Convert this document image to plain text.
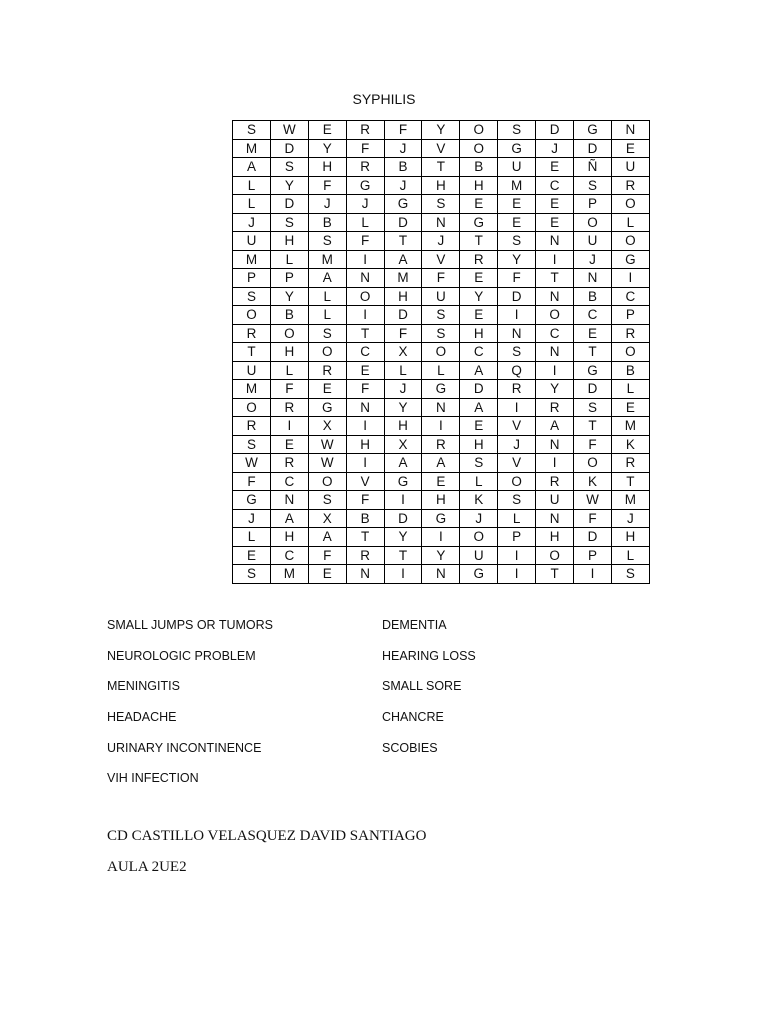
SYPHILIS
S	W	E	R	F	Y	O	S	D	G	N
M	D	Y	F	J	V	O	G	J	D	E
A	S	H	R	B	T	B	U	E	Ñ	U
L	Y	F	G	J	H	H	M	C	S	R
L	D	J	J	G	S	E	E	E	P	O
J	S	B	L	D	N	G	E	E	O	L
U	H	S	F	T	J	T	S	N	U	O
M	L	M	I	A	V	R	Y	I	J	G
P	P	A	N	M	F	E	F	T	N	I
S	Y	L	O	H	U	Y	D	N	B	C
O	B	L	I	D	S	E	I	O	C	P
R	O	S	T	F	S	H	N	C	E	R
T	H	O	C	X	O	C	S	N	T	O
U	L	R	E	L	L	A	Q	I	G	B
M	F	E	F	J	G	D	R	Y	D	L
O	R	G	N	Y	N	A	I	R	S	E
R	I	X	I	H	I	E	V	A	T	M
S	E	W	H	X	R	H	J	N	F	K
W	R	W	I	A	A	S	V	I	O	R
F	C	O	V	G	E	L	O	R	K	T
G	N	S	F	I	H	K	S	U	W	M
J	A	X	B	D	G	J	L	N	F	J
L	H	A	T	Y	I	O	P	H	D	H
E	C	F	R	T	Y	U	I	O	P	L
S	M	E	N	I	N	G	I	T	I	S
SMALL JUMPS OR TUMORS
NEUROLOGIC PROBLEM
MENINGITIS
HEADACHE
URINARY INCONTINENCE
VIH INFECTION
DEMENTIA
HEARING LOSS
SMALL SORE
CHANCRE
SCOBIES
CD CASTILLO VELASQUEZ DAVID SANTIAGO
AULA 2UE2
